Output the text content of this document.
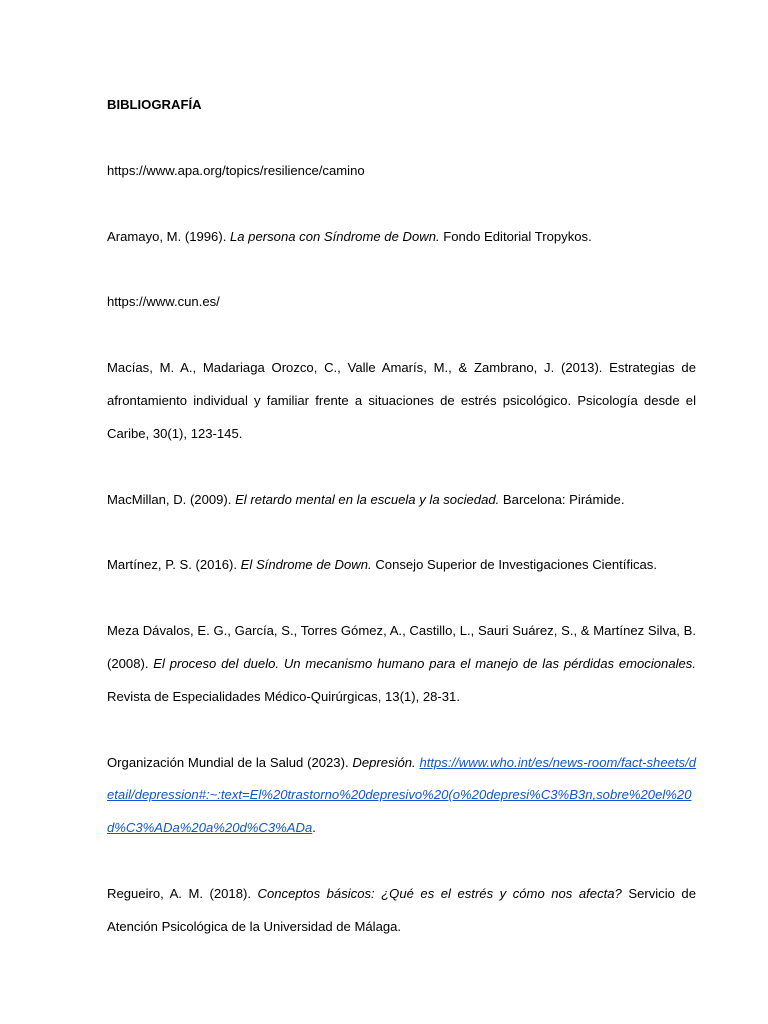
BIBLIOGRAFÍA
https://www.apa.org/topics/resilience/camino
Aramayo, M. (1996). La persona con Síndrome de Down. Fondo Editorial Tropykos.
https://www.cun.es/
Macías, M. A., Madariaga Orozco, C., Valle Amarís, M., & Zambrano, J. (2013). Estrategias de afrontamiento individual y familiar frente a situaciones de estrés psicológico. Psicología desde el Caribe, 30(1), 123-145.
MacMillan, D. (2009). El retardo mental en la escuela y la sociedad. Barcelona: Pirámide.
Martínez, P. S. (2016). El Síndrome de Down. Consejo Superior de Investigaciones Científicas.
Meza Dávalos, E. G., García, S., Torres Gómez, A., Castillo, L., Sauri Suárez, S., & Martínez Silva, B. (2008). El proceso del duelo. Un mecanismo humano para el manejo de las pérdidas emocionales. Revista de Especialidades Médico-Quirúrgicas, 13(1), 28-31.
Organización Mundial de la Salud (2023). Depresión. https://www.who.int/es/news-room/fact-sheets/detail/depression#:~:text=El%20trastorno%20depresivo%20(o%20depresi%C3%B3n,sobre%20el%20d%C3%ADa%20a%20d%C3%ADa.
Regueiro, A. M. (2018). Conceptos básicos: ¿Qué es el estrés y cómo nos afecta? Servicio de Atención Psicológica de la Universidad de Málaga.
